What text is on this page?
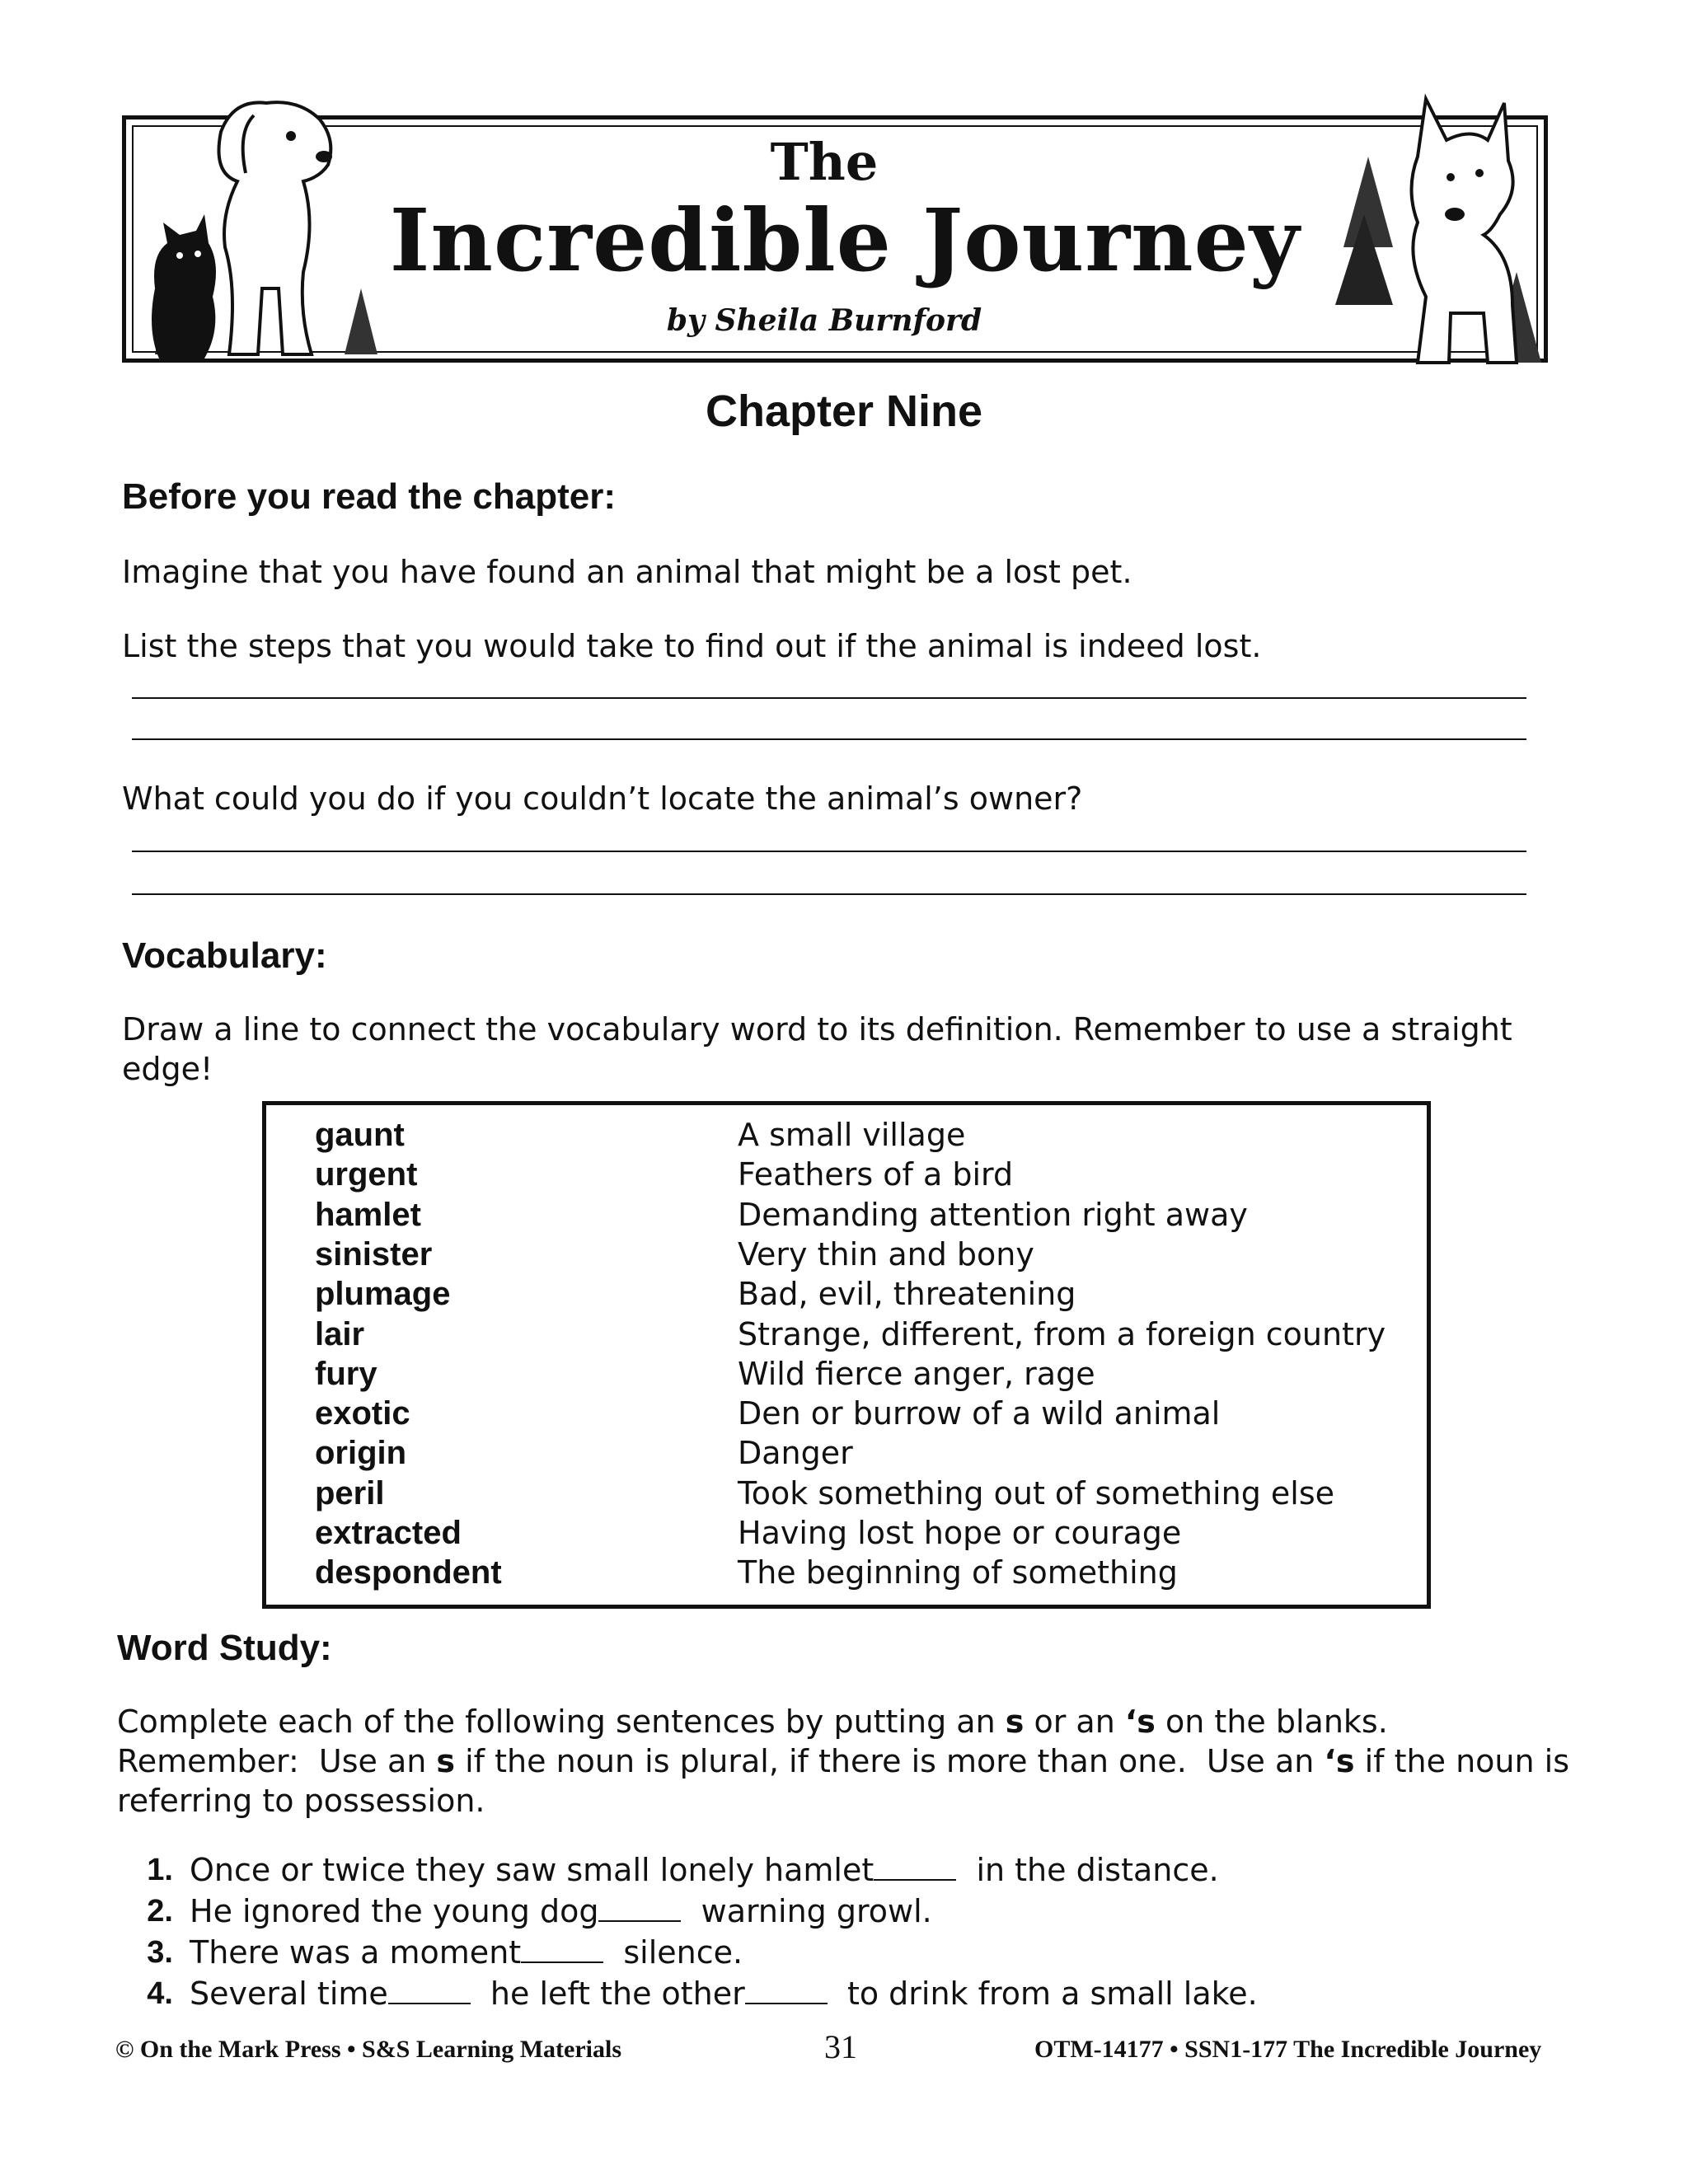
The
Incredible Journey
by Sheila Burnford
Chapter Nine
Before you read the chapter:
Imagine that you have found an animal that might be a lost pet.
List the steps that you would take to find out if the animal is indeed lost.
What could you do if you couldn’t locate the animal’s owner?
Vocabulary:
Draw a line to connect the vocabulary word to its definition. Remember to use a straight
edge!
gaunt	A small village
urgent	Feathers of a bird
hamlet	Demanding attention right away
sinister	Very thin and bony
plumage	Bad, evil, threatening
lair	Strange, different, from a foreign country
fury	Wild fierce anger, rage
exotic	Den or burrow of a wild animal
origin	Danger
peril	Took something out of something else
extracted	Having lost hope or courage
despondent	The beginning of something
Word Study:
Complete each of the following sentences by putting an s or an ‘s on the blanks.
Remember:  Use an s if the noun is plural, if there is more than one.  Use an ‘s if the noun is
referring to possession.
1. Once or twice they saw small lonely hamlet	in the distance.
2. He ignored the young dog	warning growl.
3. There was a moment	silence.
4. Several time	he left the other	to drink from a small lake.
© On the Mark Press • S&S Learning Materials	31	OTM-14177 • SSN1-177 The Incredible Journey
